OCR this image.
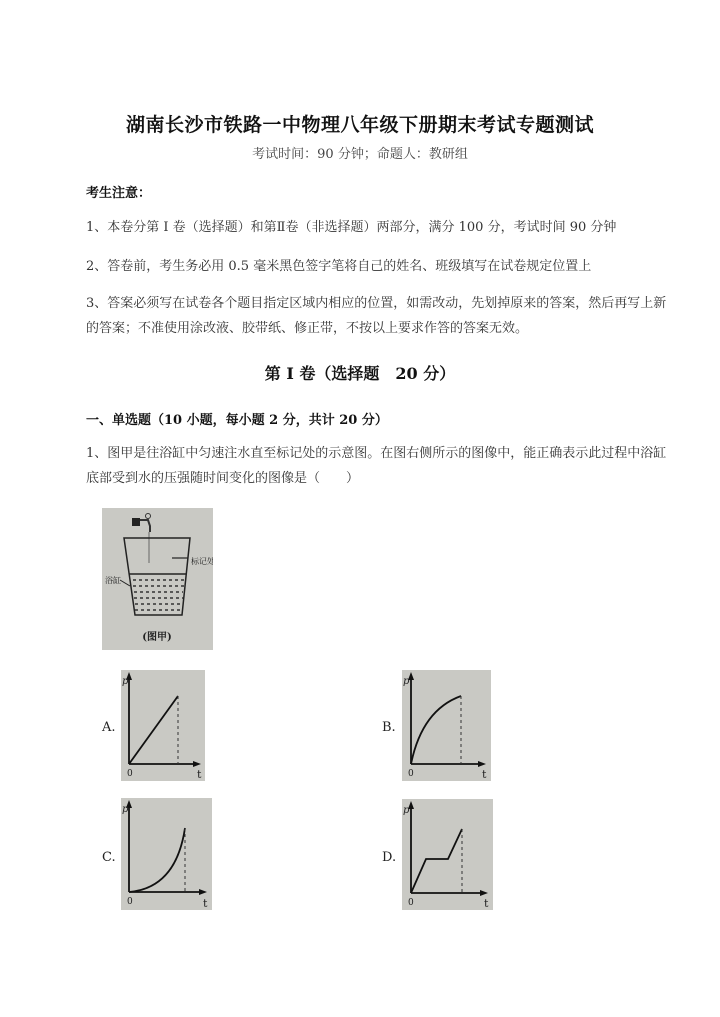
湖南长沙市铁路一中物理八年级下册期末考试专题测试
考试时间：90 分钟；命题人：教研组
考生注意：
1、本卷分第 I 卷（选择题）和第Ⅱ卷（非选择题）两部分，满分 100 分，考试时间 90 分钟
2、答卷前，考生务必用 0.5 毫米黑色签字笔将自己的姓名、班级填写在试卷规定位置上
3、答案必须写在试卷各个题目指定区域内相应的位置，如需改动，先划掉原来的答案，然后再写上新的答案；不准使用涂改液、胶带纸、修正带，不按以上要求作答的答案无效。
第 I 卷（选择题　20 分）
一、单选题（10 小题，每小题 2 分，共计 20 分）
1、图甲是往浴缸中匀速注水直至标记处的示意图。在图右侧所示的图像中，能正确表示此过程中浴缸底部受到水的压强随时间变化的图像是（　　）
标记处
浴缸
(图甲)
A.
p
0	t
B.
p
0	t
C.
p
0	t
D.
p
0	t
